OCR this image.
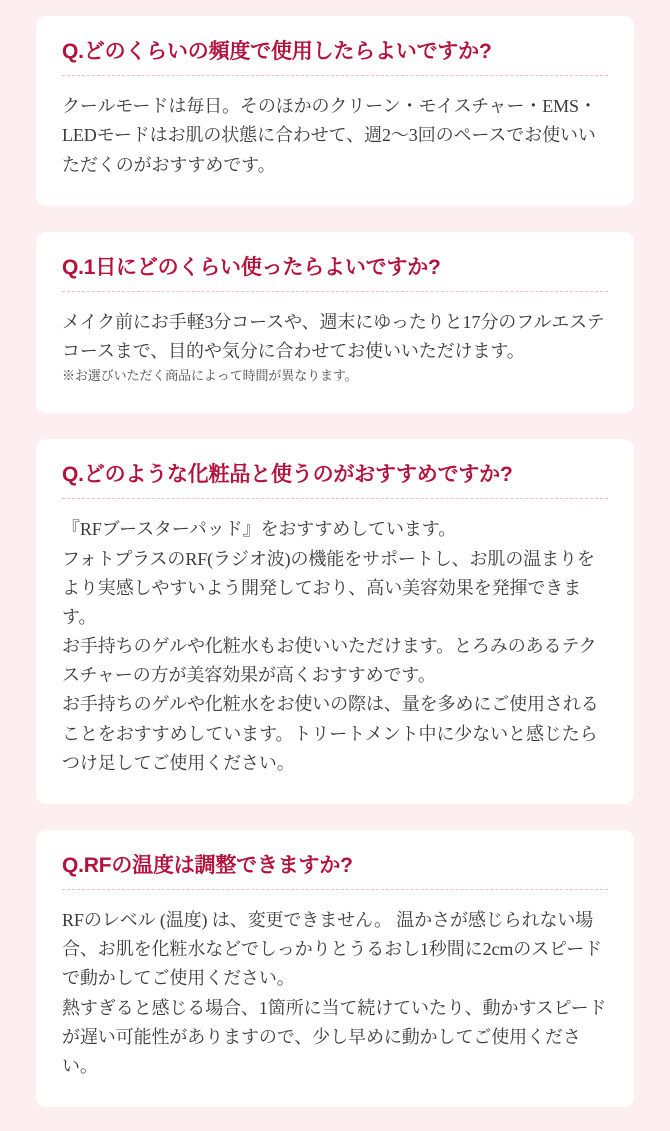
Q.どのくらいの頻度で使用したらよいですか?

クールモードは毎日。そのほかのクリーン・モイスチャー・EMS・LEDモードはお肌の状態に合わせて、週2〜3回のペースでお使いいただくのがおすすめです。

Q.1日にどのくらい使ったらよいですか?

メイク前にお手軽3分コースや、週末にゆったりと17分のフルエステコースまで、目的や気分に合わせてお使いいただけます。

※お選びいただく商品によって時間が異なります。

Q.どのような化粧品と使うのがおすすめですか?

『RFブースターパッド』をおすすめしています。

フォトプラスのRF(ラジオ波)の機能をサポートし、お肌の温まりをより実感しやすいよう開発しており、高い美容効果を発揮できます。

お手持ちのゲルや化粧水もお使いいただけます。とろみのあるテクスチャーの方が美容効果が高くおすすめです。

お手持ちのゲルや化粧水をお使いの際は、量を多めにご使用されることをおすすめしています。トリートメント中に少ないと感じたらつけ足してご使用ください。

Q.RFの温度は調整できますか?

RFのレベル (温度) は、変更できません。 温かさが感じられない場合、お肌を化粧水などでしっかりとうるおし1秒間に2cmのスピードで動かしてご使用ください。

熱すぎると感じる場合、1箇所に当て続けていたり、動かすスピードが遅い可能性がありますので、少し早めに動かしてご使用ください。
